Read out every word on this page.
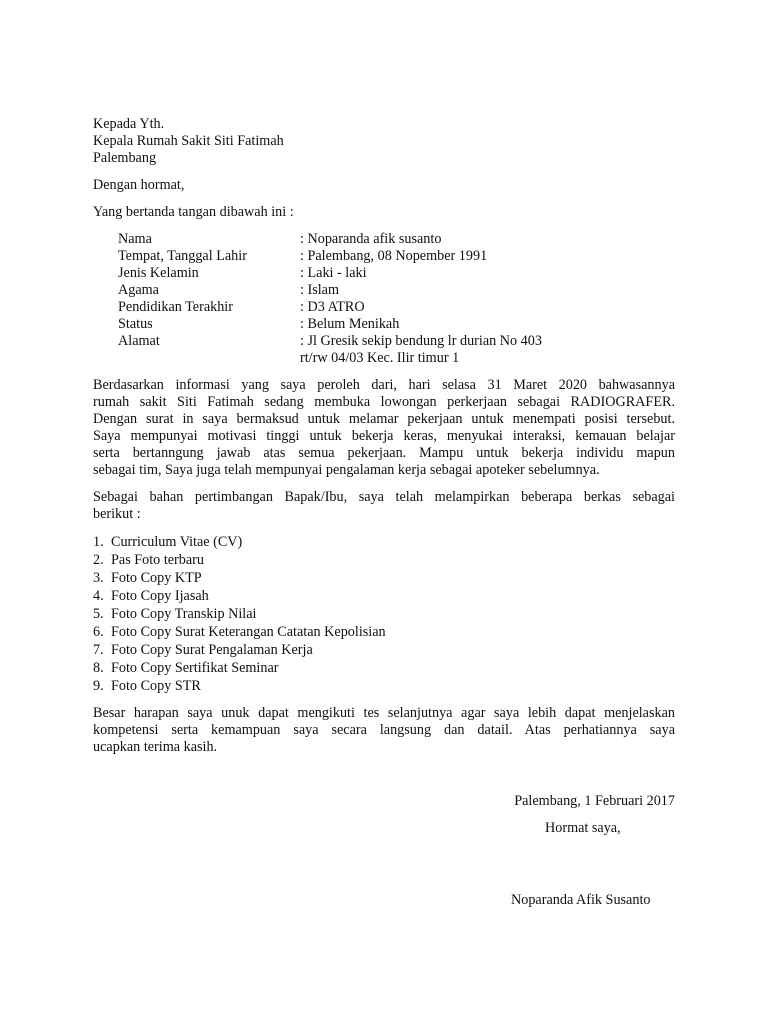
Kepada Yth.
Kepala Rumah Sakit Siti Fatimah
Palembang
Dengan hormat,
Yang bertanda tangan dibawah ini :
Nama	: Noparanda afik susanto
Tempat, Tanggal Lahir	: Palembang, 08 Nopember 1991
Jenis Kelamin	: Laki - laki
Agama	: Islam
Pendidikan Terakhir	: D3 ATRO
Status	: Belum Menikah
Alamat	: Jl Gresik sekip bendung lr durian No 403
rt/rw 04/03 Kec. Ilir timur 1
Berdasarkan informasi yang saya peroleh dari, hari selasa 31 Maret 2020 bahwasannya
rumah sakit Siti Fatimah sedang membuka lowongan perkerjaan sebagai RADIOGRAFER.
Dengan surat in saya bermaksud untuk melamar pekerjaan untuk menempati posisi tersebut.
Saya mempunyai motivasi tinggi untuk bekerja keras, menyukai interaksi, kemauan belajar
serta bertanngung jawab atas semua pekerjaan. Mampu untuk bekerja individu mapun
sebagai tim, Saya juga telah mempunyai pengalaman kerja sebagai apoteker sebelumnya.
Sebagai bahan pertimbangan Bapak/Ibu, saya telah melampirkan beberapa berkas sebagai
berikut :
1. Curriculum Vitae (CV)
2. Pas Foto terbaru
3. Foto Copy KTP
4. Foto Copy Ijasah
5. Foto Copy Transkip Nilai
6. Foto Copy Surat Keterangan Catatan Kepolisian
7. Foto Copy Surat Pengalaman Kerja
8. Foto Copy Sertifikat Seminar
9. Foto Copy STR
Besar harapan saya unuk dapat mengikuti tes selanjutnya agar saya lebih dapat menjelaskan
kompetensi serta kemampuan saya secara langsung dan datail. Atas perhatiannya saya
ucapkan terima kasih.
Palembang, 1 Februari 2017
Hormat saya,
Noparanda Afik Susanto
